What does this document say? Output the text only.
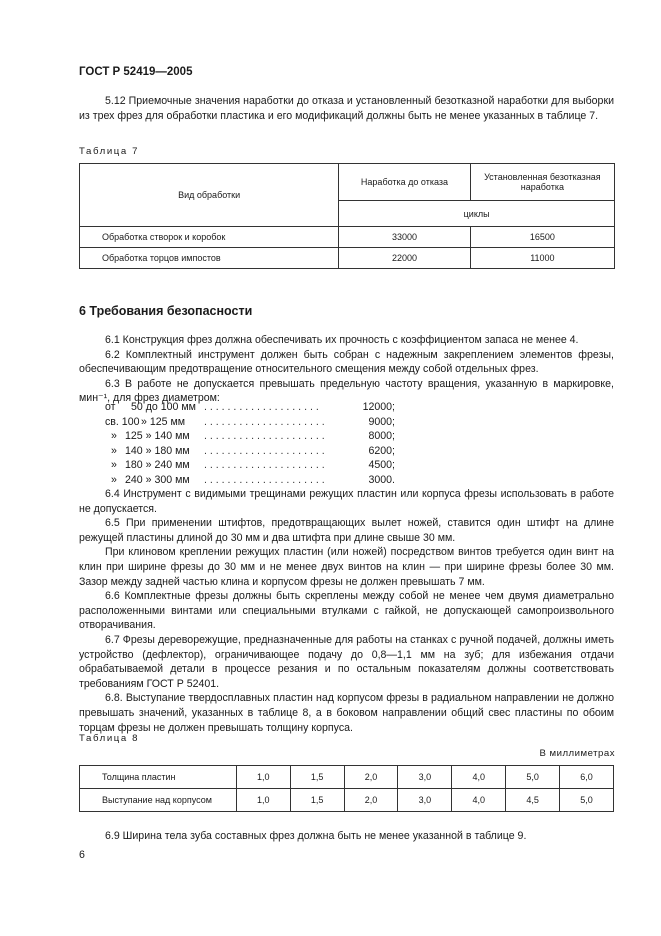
ГОСТ Р 52419—2005
5.12 Приемочные значения наработки до отказа и установленный безотказной наработки для выборки из трех фрез для обработки пластика и его модификаций должны быть не менее указанных в таблице 7.
Таблица 7
Вид обработки	Наработка до отказа	Установленная безотказная наработка
	циклы	
Обработка створок и коробок	33000	16500
Обработка торцов импостов	22000	11000
6 Требования безопасности
6.1 Конструкция фрез должна обеспечивать их прочность с коэффициентом запаса не менее 4.
6.2 Комплектный инструмент должен быть собран с надежным закреплением элементов фрезы, обеспечивающим предотвращение относительного смещения между собой отдельных фрез.
6.3 В работе не допускается превышать предельную частоту вращения, указанную в маркировке, мин⁻¹, для фрез диаметром:
от 50 до 100 мм . . . . . . . . . . . . . . . . . . . .	12000;
св. 100 » 125 мм . . . . . . . . . . . . . . . . . . . . .	9000;
» 125 » 140 мм . . . . . . . . . . . . . . . . . . . . .	8000;
» 140 » 180 мм . . . . . . . . . . . . . . . . . . . . .	6200;
» 180 » 240 мм . . . . . . . . . . . . . . . . . . . . .	4500;
» 240 » 300 мм . . . . . . . . . . . . . . . . . . . . .	3000.
6.4 Инструмент с видимыми трещинами режущих пластин или корпуса фрезы использовать в работе не допускается.
6.5 При применении штифтов, предотвращающих вылет ножей, ставится один штифт на длине режущей пластины длиной до 30 мм и два штифта при длине свыше 30 мм.
При клиновом креплении режущих пластин (или ножей) посредством винтов требуется один винт на клин при ширине фрезы до 30 мм и не менее двух винтов на клин — при ширине фрезы более 30 мм. Зазор между задней частью клина и корпусом фрезы не должен превышать 7 мм.
6.6 Комплектные фрезы должны быть скреплены между собой не менее чем двумя диаметрально расположенными винтами или специальными втулками с гайкой, не допускающей самопроизвольного отворачивания.
6.7 Фрезы дереворежущие, предназначенные для работы на станках с ручной подачей, должны иметь устройство (дефлектор), ограничивающее подачу до 0,8—1,1 мм на зуб; для избежания отдачи обрабатываемой детали в процессе резания и по остальным показателям должны соответствовать требованиям ГОСТ Р 52401.
6.8. Выступание твердосплавных пластин над корпусом фрезы в радиальном направлении не должно превышать значений, указанных в таблице 8, а в боковом направлении общий свес пластины по обоим торцам фрезы не должен превышать толщину корпуса.
Таблица 8
В миллиметрах
Толщина пластин	1,0	1,5	2,0	3,0	4,0	5,0	6,0
Выступание над корпусом	1,0	1,5	2,0	3,0	4,0	4,5	5,0
6.9 Ширина тела зуба составных фрез должна быть не менее указанной в таблице 9.
6
